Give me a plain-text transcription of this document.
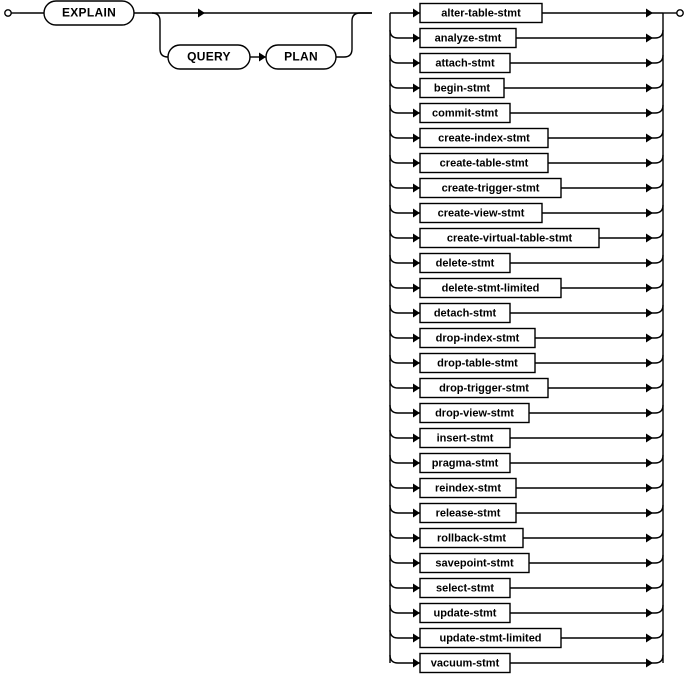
EXPLAIN
QUERY	PLAN
alter-table-stmt
analyze-stmt
attach-stmt
begin-stmt
commit-stmt
create-index-stmt
create-table-stmt
create-trigger-stmt
create-view-stmt
create-virtual-table-stmt
delete-stmt
delete-stmt-limited
detach-stmt
drop-index-stmt
drop-table-stmt
drop-trigger-stmt
drop-view-stmt
insert-stmt
pragma-stmt
reindex-stmt
release-stmt
rollback-stmt
savepoint-stmt
select-stmt
update-stmt
update-stmt-limited
vacuum-stmt
